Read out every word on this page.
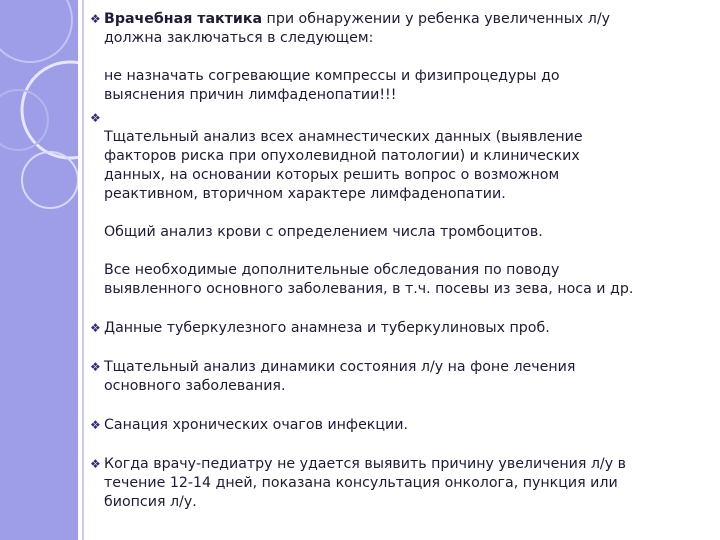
❖ Врачебная тактика при обнаружении у ребенка увеличенных л/у
должна заключаться в следующем:
не назначать согревающие компрессы и физипроцедуры до
выяснения причин лимфаденопатии!!!
❖
Тщательный анализ всех анамнестических данных (выявление
факторов риска при опухолевидной патологии) и клинических
данных, на основании которых решить вопрос о возможном
реактивном, вторичном характере лимфаденопатии.
Общий анализ крови с определением числа тромбоцитов.
Все необходимые дополнительные обследования по поводу
выявленного основного заболевания, в т.ч. посевы из зева, носа и др.
❖ Данные туберкулезного анамнеза и туберкулиновых проб.
❖ Тщательный анализ динамики состояния л/у на фоне лечения
основного заболевания.
❖ Санация хронических очагов инфекции.
❖ Когда врачу-педиатру не удается выявить причину увеличения л/у в
течение 12-14 дней, показана консультация онколога, пункция или
биопсия л/у.
